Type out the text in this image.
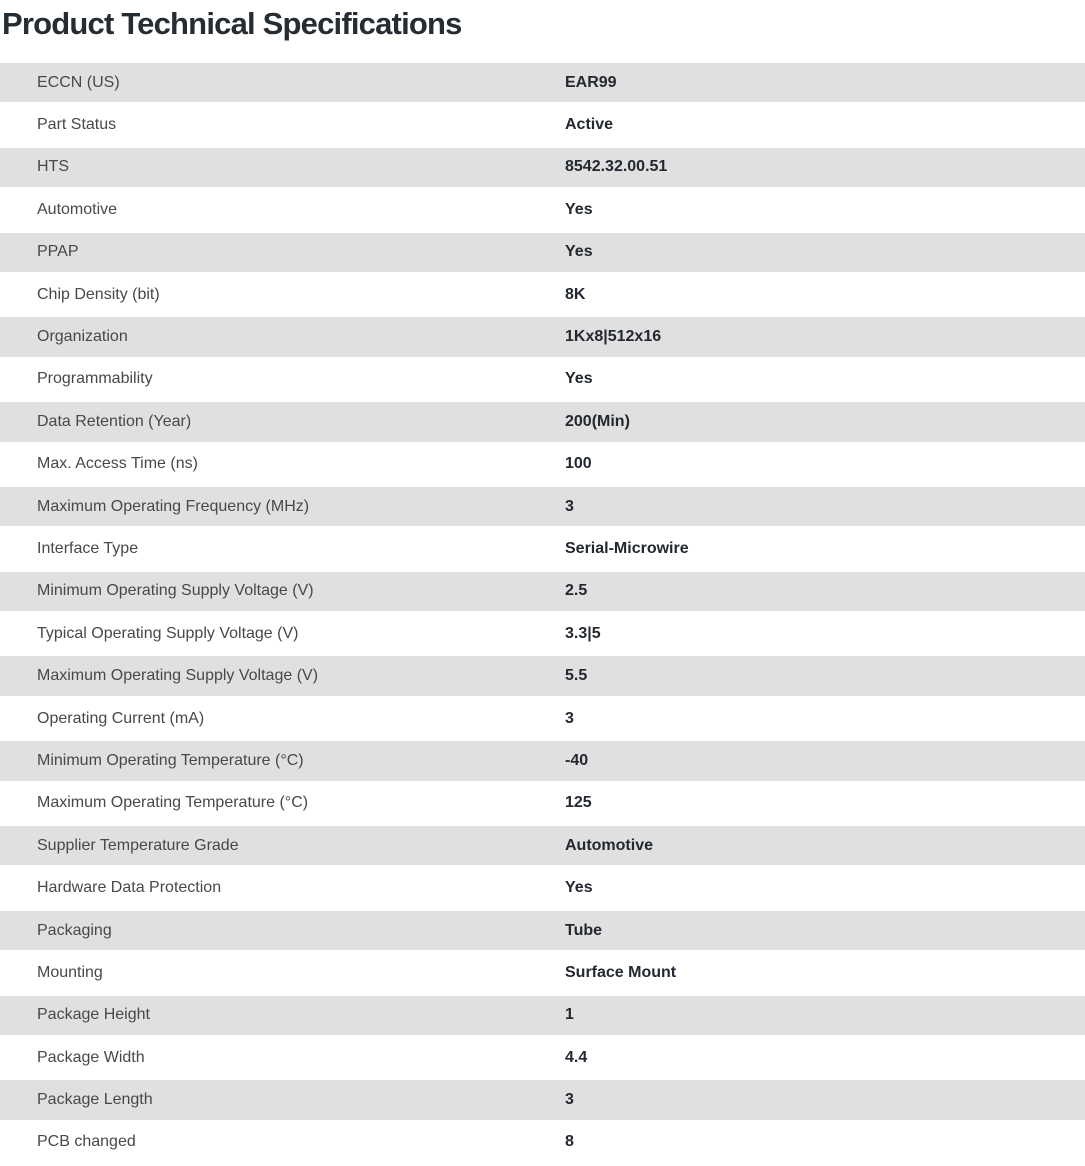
Product Technical Specifications
ECCN (US)	EAR99
Part Status	Active
HTS	8542.32.00.51
Automotive	Yes
PPAP	Yes
Chip Density (bit)	8K
Organization	1Kx8|512x16
Programmability	Yes
Data Retention (Year)	200(Min)
Max. Access Time (ns)	100
Maximum Operating Frequency (MHz)	3
Interface Type	Serial-Microwire
Minimum Operating Supply Voltage (V)	2.5
Typical Operating Supply Voltage (V)	3.3|5
Maximum Operating Supply Voltage (V)	5.5
Operating Current (mA)	3
Minimum Operating Temperature (°C)	-40
Maximum Operating Temperature (°C)	125
Supplier Temperature Grade	Automotive
Hardware Data Protection	Yes
Packaging	Tube
Mounting	Surface Mount
Package Height	1
Package Width	4.4
Package Length	3
PCB changed	8
